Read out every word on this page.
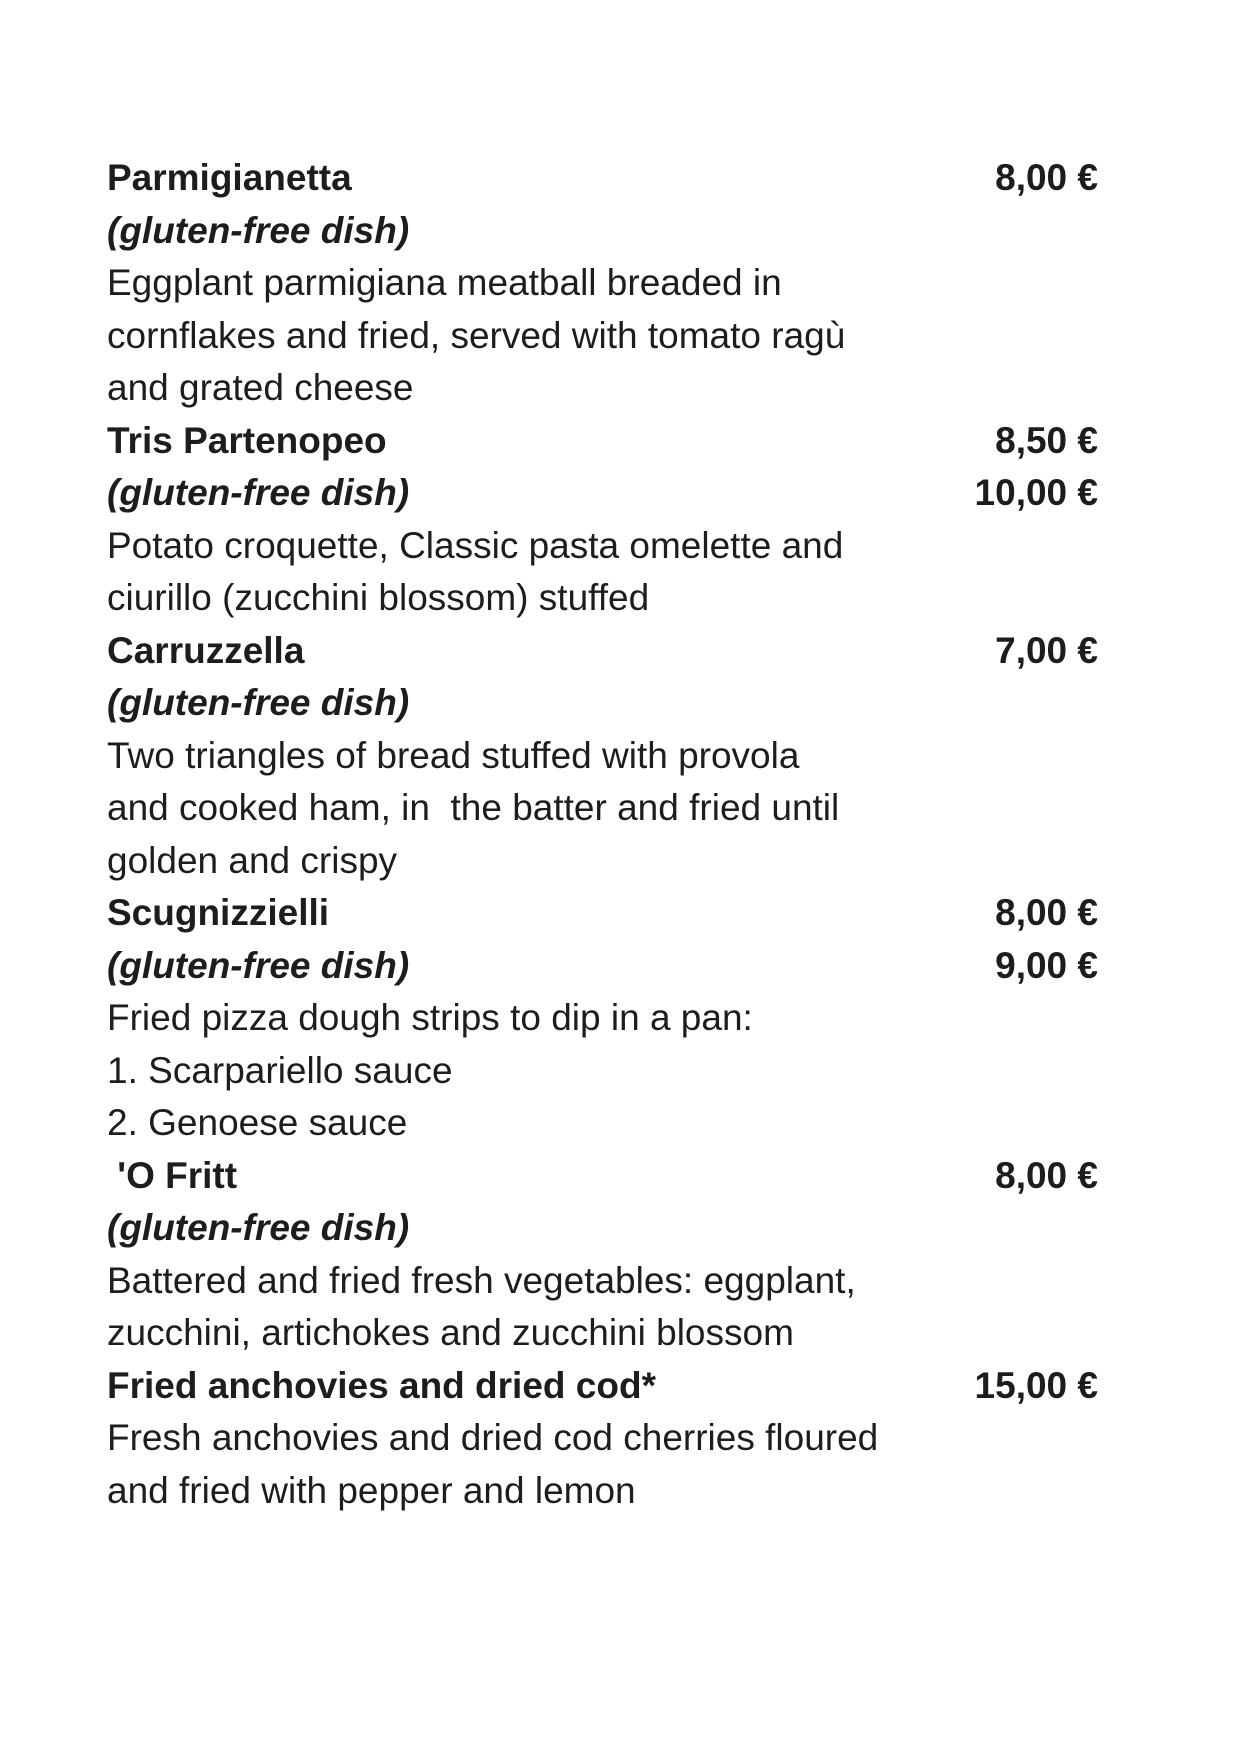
Parmigianetta	8,00 €
(gluten-free dish)
Eggplant parmigiana meatball breaded in
cornflakes and fried, served with tomato ragù
and grated cheese
Tris Partenopeo	8,50 €
(gluten-free dish)	10,00 €
Potato croquette, Classic pasta omelette and
ciurillo (zucchini blossom) stuffed
Carruzzella	7,00 €
(gluten-free dish)
Two triangles of bread stuffed with provola
and cooked ham, in  the batter and fried until
golden and crispy
Scugnizzielli	8,00 €
(gluten-free dish)	9,00 €
Fried pizza dough strips to dip in a pan:
1. Scarpariello sauce
2. Genoese sauce
'O Fritt	8,00 €
(gluten-free dish)
Battered and fried fresh vegetables: eggplant,
zucchini, artichokes and zucchini blossom
Fried anchovies and dried cod*	15,00 €
Fresh anchovies and dried cod cherries floured
and fried with pepper and lemon
